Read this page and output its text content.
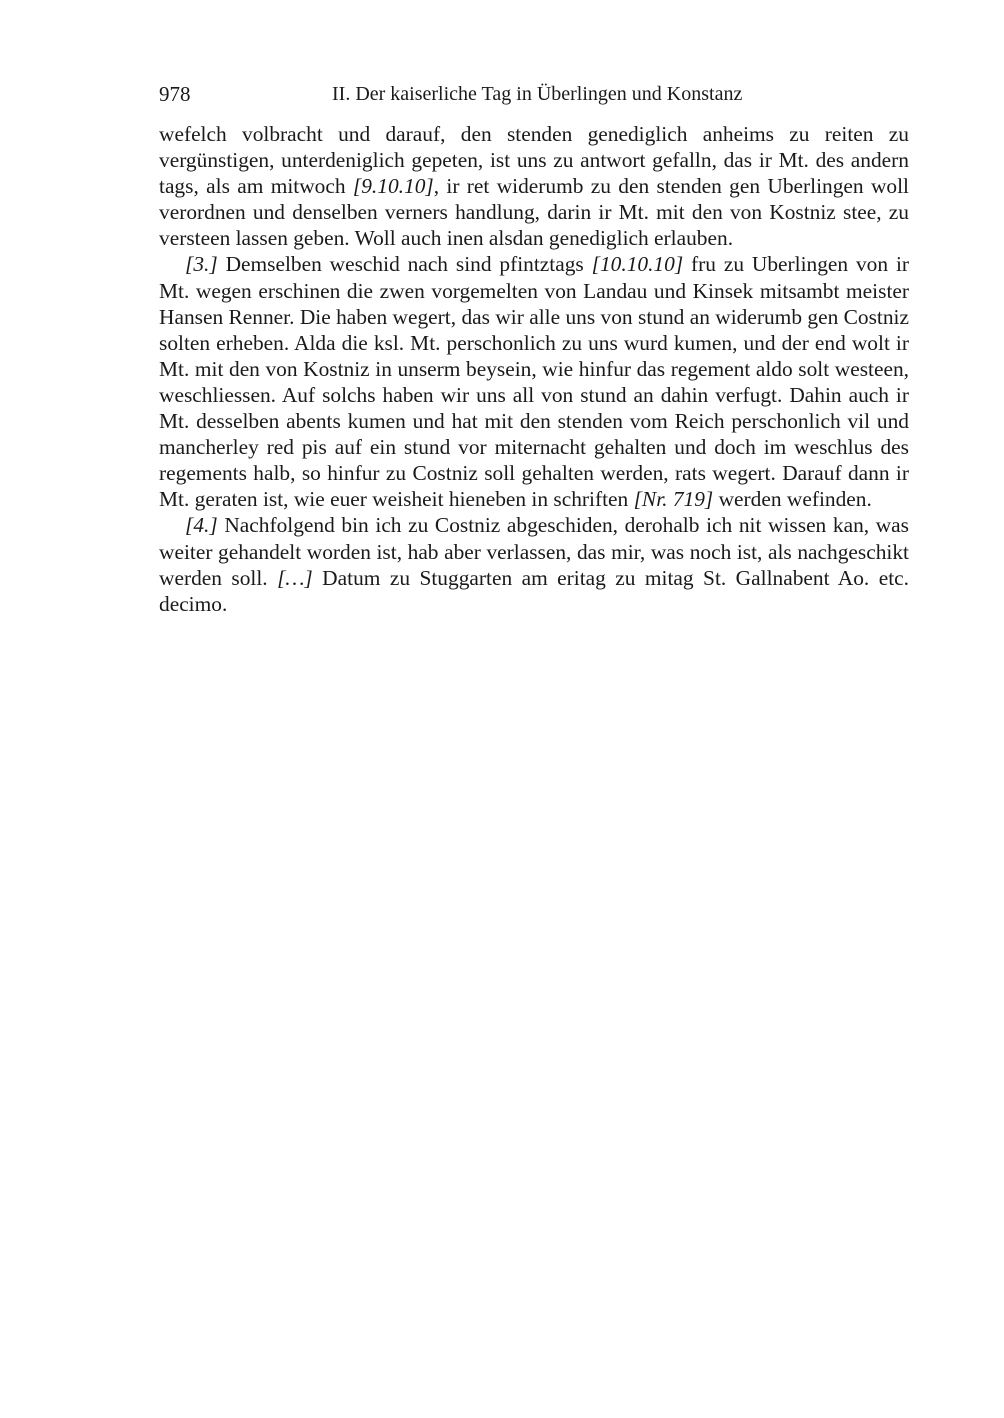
978	II. Der kaiserliche Tag in Überlingen und Konstanz

wefelch volbracht und darauf, den stenden genediglich anheims zu reiten zu vergünstigen, unterdeniglich gepeten, ist uns zu antwort gefalln, das ir Mt. des andern tags, als am mitwoch [9.10.10], ir ret widerumb zu den stenden gen Uberlingen woll verordnen und denselben verners handlung, darin ir Mt. mit den von Kostniz stee, zu versteen lassen geben. Woll auch inen alsdan genediglich erlauben.

[3.] Demselben weschid nach sind pfintztags [10.10.10] fru zu Uberlingen von ir Mt. wegen erschinen die zwen vorgemelten von Landau und Kinsek mitsambt meister Hansen Renner. Die haben wegert, das wir alle uns von stund an widerumb gen Costniz solten erheben. Alda die ksl. Mt. perschonlich zu uns wurd kumen, und der end wolt ir Mt. mit den von Kostniz in unserm beysein, wie hinfur das regement aldo solt westeen, weschliessen. Auf solchs haben wir uns all von stund an dahin verfugt. Dahin auch ir Mt. desselben abents kumen und hat mit den stenden vom Reich perschonlich vil und mancherley red pis auf ein stund vor miternacht gehalten und doch im weschlus des regements halb, so hinfur zu Costniz soll gehalten werden, rats wegert. Darauf dann ir Mt. geraten ist, wie euer weisheit hieneben in schriften [Nr. 719] werden wefinden.

[4.] Nachfolgend bin ich zu Costniz abgeschiden, derohalb ich nit wissen kan, was weiter gehandelt worden ist, hab aber verlassen, das mir, was noch ist, als nachgeschikt werden soll. […] Datum zu Stuggarten am eritag zu mitag St. Gallnabent Ao. etc. decimo.
